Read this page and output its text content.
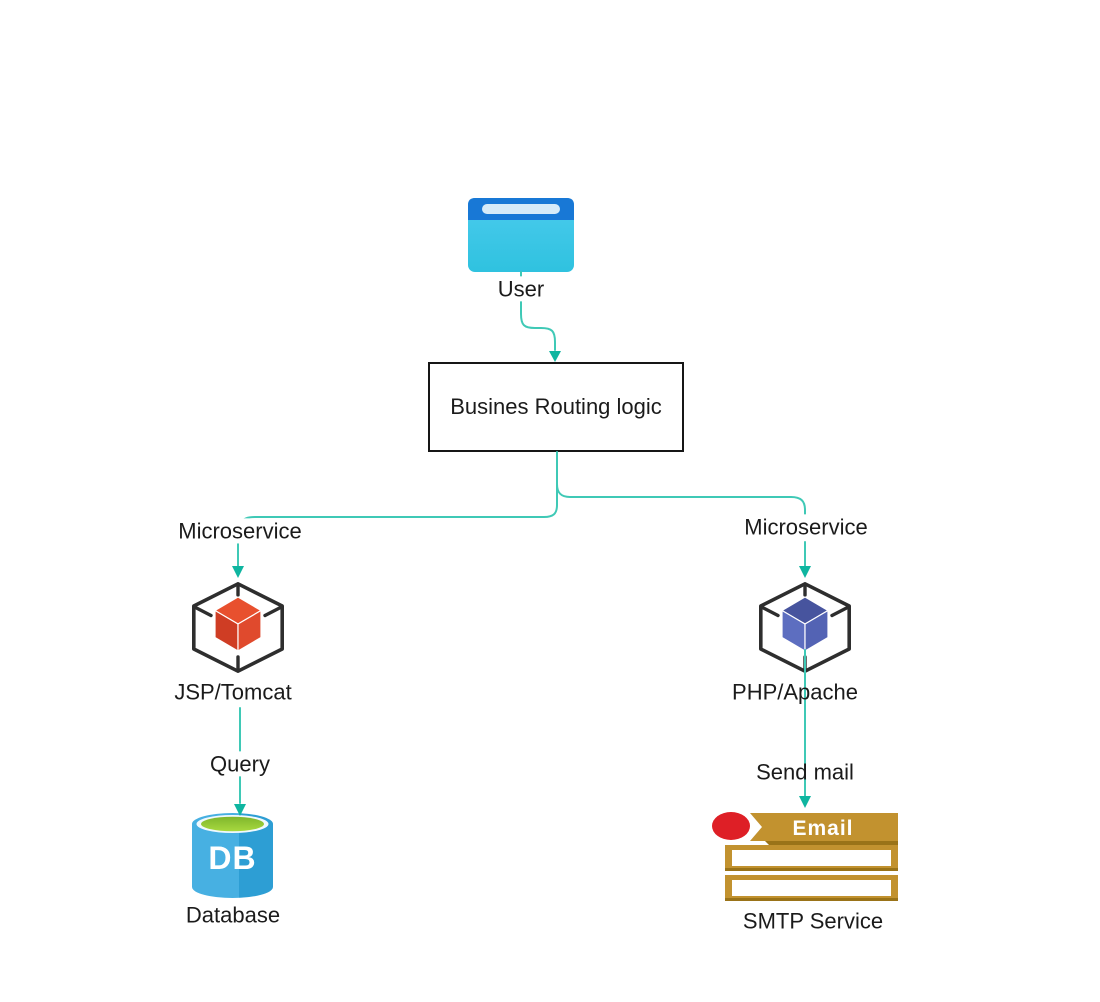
DB
Email
Busines Routing logic
User
Microservice	Microservice
JSP/Tomcat	PHP/Apache
Query	Send mail
Database	SMTP Service
